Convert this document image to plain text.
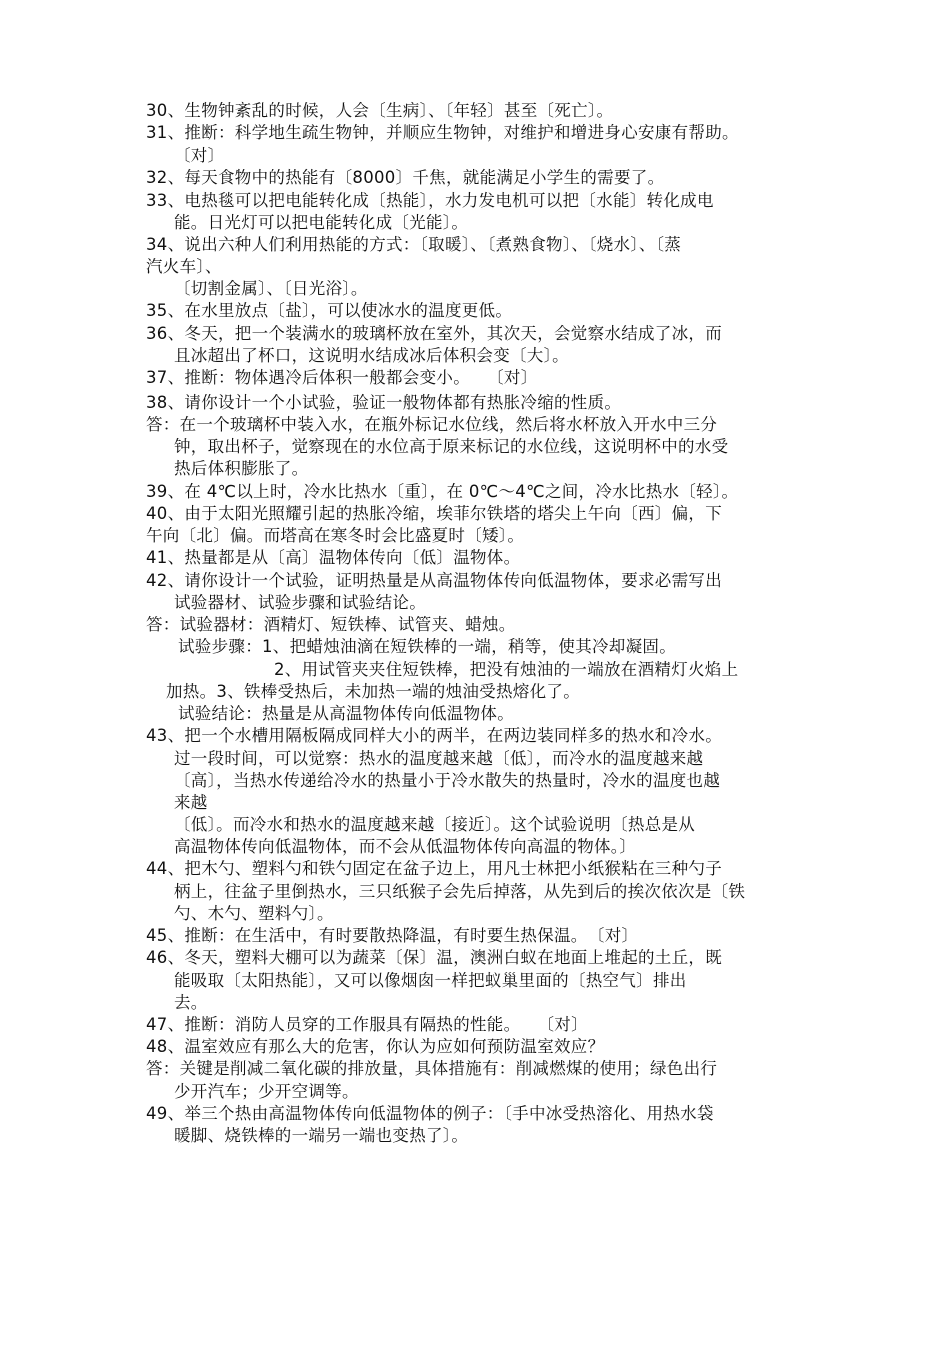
30、生物钟紊乱的时候，人会〔生病〕、〔年轻〕甚至〔死亡〕。
31、推断：科学地生疏生物钟，并顺应生物钟，对维护和增进身心安康有帮助。
〔对〕
32、每天食物中的热能有〔8000〕千焦，就能满足小学生的需要了。
33、电热毯可以把电能转化成〔热能〕，水力发电机可以把〔水能〕转化成电
能。日光灯可以把电能转化成〔光能〕。
34、说出六种人们利用热能的方式：〔取暖〕、〔煮熟食物〕、〔烧水〕、〔蒸
汽火车〕、
〔切割金属〕、〔日光浴〕。
35、在水里放点〔盐〕，可以使冰水的温度更低。
36、冬天，把一个装满水的玻璃杯放在室外，其次天，会觉察水结成了冰，而
且冰超出了杯口，这说明水结成冰后体积会变〔大〕。
37、推断：物体遇冷后体积一般都会变小。　　〔对〕
38、请你设计一个小试验，验证一般物体都有热胀冷缩的性质。
答：在一个玻璃杯中装入水，在瓶外标记水位线，然后将水杯放入开水中三分
钟，取出杯子，觉察现在的水位高于原来标记的水位线，这说明杯中的水受
热后体积膨胀了。
39、在 4℃以上时，冷水比热水〔重〕，在 0℃～4℃之间，冷水比热水〔轻〕。
40、由于太阳光照耀引起的热胀冷缩，埃菲尔铁塔的塔尖上午向〔西〕偏，下
午向〔北〕偏。而塔高在寒冬时会比盛夏时〔矮〕。
41、热量都是从〔高〕温物体传向〔低〕温物体。
42、请你设计一个试验，证明热量是从高温物体传向低温物体，要求必需写出
试验器材、试验步骤和试验结论。
答：试验器材：酒精灯、短铁棒、试管夹、蜡烛。
试验步骤：1、把蜡烛油滴在短铁棒的一端，稍等，使其冷却凝固。
2、用试管夹夹住短铁棒，把没有烛油的一端放在酒精灯火焰上
加热。3、铁棒受热后，未加热一端的烛油受热熔化了。
试验结论：热量是从高温物体传向低温物体。
43、把一个水槽用隔板隔成同样大小的两半，在两边装同样多的热水和冷水。
过一段时间，可以觉察：热水的温度越来越〔低〕，而冷水的温度越来越
〔高〕，当热水传递给冷水的热量小于冷水散失的热量时，冷水的温度也越
来越
〔低〕。而冷水和热水的温度越来越〔接近〕。这个试验说明〔热总是从
高温物体传向低温物体，而不会从低温物体传向高温的物体。〕
44、把木勺、塑料勺和铁勺固定在盆子边上，用凡士林把小纸猴粘在三种勺子
柄上，往盆子里倒热水，三只纸猴子会先后掉落，从先到后的挨次依次是〔铁
勺、木勺、塑料勺〕。
45、推断：在生活中，有时要散热降温，有时要生热保温。　〔对〕
46、冬天，塑料大棚可以为蔬菜〔保〕温，澳洲白蚁在地面上堆起的土丘，既
能吸取〔太阳热能〕，又可以像烟囱一样把蚁巢里面的〔热空气〕排出
去。
47、推断：消防人员穿的工作服具有隔热的性能。　　〔对〕
48、温室效应有那么大的危害，你认为应如何预防温室效应？
答：关键是削减二氧化碳的排放量，具体措施有：削减燃煤的使用；绿色出行
少开汽车；少开空调等。
49、举三个热由高温物体传向低温物体的例子：〔手中冰受热溶化、用热水袋
暖脚、烧铁棒的一端另一端也变热了〕。
